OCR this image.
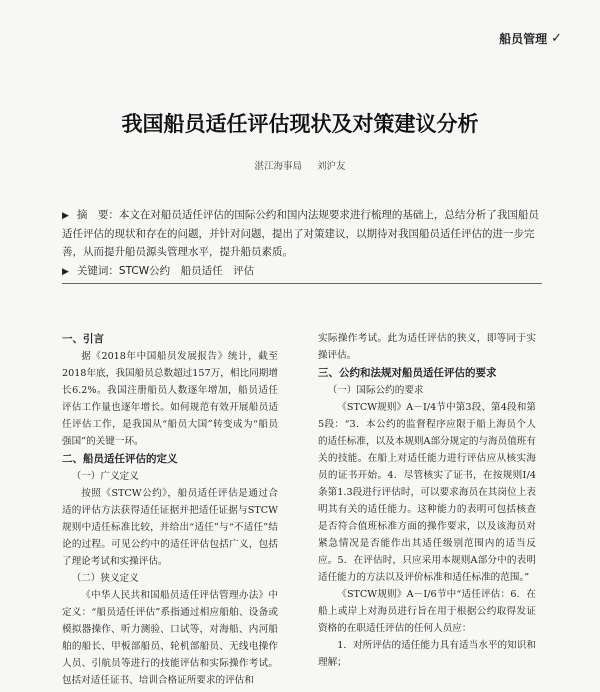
船员管理 ✓
我国船员适任评估现状及对策建议分析
湛江海事局 刘沪友

▶ 摘　要：本文在对船员适任评估的国际公约和国内法规要求进行梳理的基础上，总结分析了我国船员适任评估的现状和存在的问题，并针对问题，提出了对策建议，以期待对我国船员适任评估的进一步完善，从而提升船员源头管理水平，提升船员素质。

▶ 关键词：STCW公约　船员适任　评估

一、引言

据《2018年中国船员发展报告》统计，截至2018年底，我国船员总数超过157万，相比同期增长6.2%。我国注册船员人数逐年增加，船员适任评估工作量也逐年增长。如何规范有效开展船员适任评估工作，是我国从“船员大国”转变成为“船员强国”的关键一环。

二、船员适任评估的定义

（一）广义定义

按照《STCW公约》，船员适任评估是通过合适的评估方法获得适任证据并把适任证据与STCW规则中适任标准比较，并给出“适任”与“不适任”结论的过程。可见公约中的适任评估包括广义，包括了理论考试和实操评估。

（二）狭义定义

《中华人民共和国船员适任评估管理办法》中定义：“船员适任评估”系指通过相应船舶、设备或模拟器操作、听力测验、口试等，对海船、内河船舶的船长、甲板部船员、轮机部船员、无线电操作人员、引航员等进行的技能评估和实际操作考试。包括对适任证书、培训合格证所要求的评估和

实际操作考试。此为适任评估的狭义，即等同于实操评估。

三、公约和法规对船员适任评估的要求

（一）国际公约的要求

《STCW规则》A－Ⅰ/4节中第3段、第4段和第5段：“3．本公约的监督程序应限于船上海员个人的适任标准，以及本规则A部分规定的与海员值班有关的技能。在船上对适任能力进行评估应从核实海员的证书开始。4．尽管核实了证书，在按规则Ⅰ/4条第1.3段进行评估时，可以要求海员在其岗位上表明其有关的适任能力。这种能力的表明可包括核查是否符合值班标准方面的操作要求，以及该海员对紧急情况是否能作出其适任级别范围内的适当反应。5．在评估时，只应采用本规则A部分中的表明适任能力的方法以及评价标准和适任标准的范围。”

《STCW规则》A－Ⅰ/6节中“适任评估：6．在船上或岸上对海员进行旨在用于根据公约取得发证资格的在职适任评估的任何人员应：

1．对所评估的适任能力具有适当水平的知识和理解；
